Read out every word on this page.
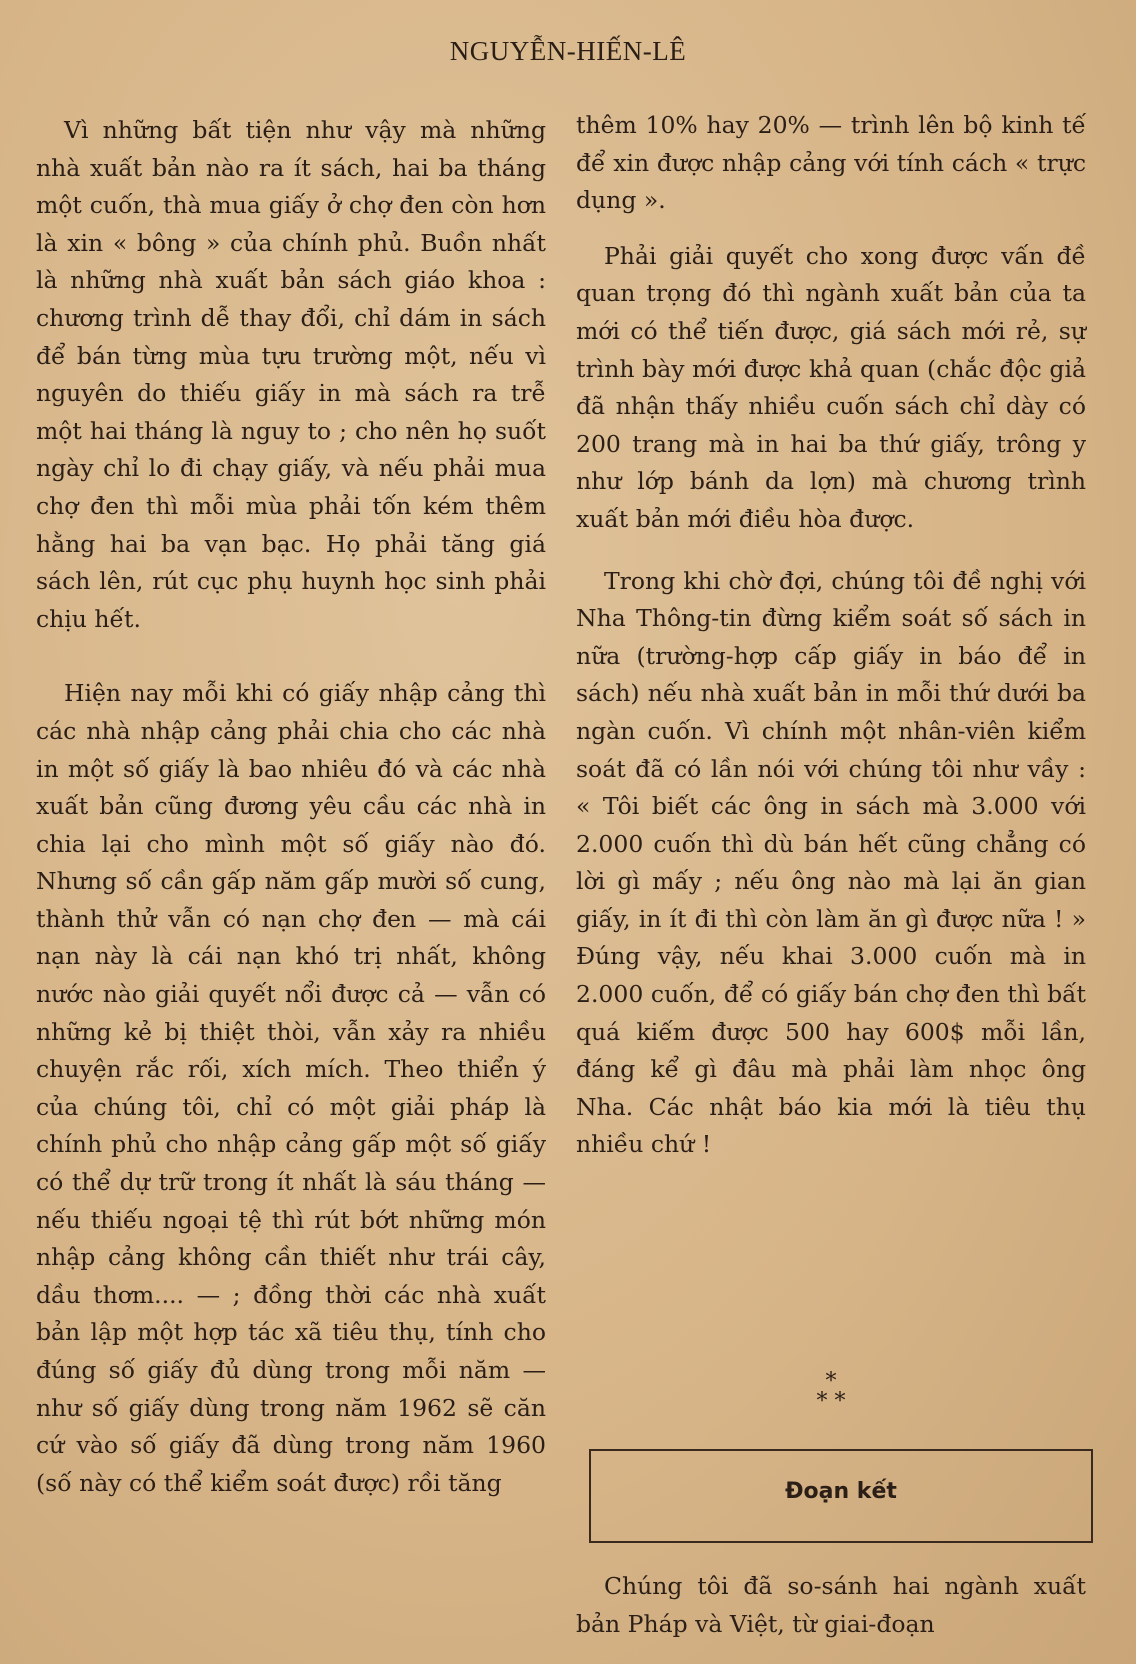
NGUYỄN-HIẾN-LÊ

Vì những bất tiện như vậy mà những nhà xuất bản nào ra ít sách, hai ba tháng một cuốn, thà mua giấy ở chợ đen còn hơn là xin « bông » của chính phủ. Buồn nhất là những nhà xuất bản sách giáo khoa : chương trình dễ thay đổi, chỉ dám in sách để bán từng mùa tựu trường một, nếu vì nguyên do thiếu giấy in mà sách ra trễ một hai tháng là nguy to ; cho nên họ suốt ngày chỉ lo đi chạy giấy, và nếu phải mua chợ đen thì mỗi mùa phải tốn kém thêm hằng hai ba vạn bạc. Họ phải tăng giá sách lên, rút cục phụ huynh học sinh phải chịu hết.

Hiện nay mỗi khi có giấy nhập cảng thì các nhà nhập cảng phải chia cho các nhà in một số giấy là bao nhiêu đó và các nhà xuất bản cũng đương yêu cầu các nhà in chia lại cho mình một số giấy nào đó. Nhưng số cần gấp năm gấp mười số cung, thành thử vẫn có nạn chợ đen — mà cái nạn này là cái nạn khó trị nhất, không nước nào giải quyết nổi được cả — vẫn có những kẻ bị thiệt thòi, vẫn xảy ra nhiều chuyện rắc rối, xích mích. Theo thiển ý của chúng tôi, chỉ có một giải pháp là chính phủ cho nhập cảng gấp một số giấy có thể dự trữ trong ít nhất là sáu tháng — nếu thiếu ngoại tệ thì rút bớt những món nhập cảng không cần thiết như trái cây, dầu thơm.... — ; đồng thời các nhà xuất bản lập một hợp tác xã tiêu thụ, tính cho đúng số giấy đủ dùng trong mỗi năm — như số giấy dùng trong năm 1962 sẽ căn cứ vào số giấy đã dùng trong năm 1960 (số này có thể kiểm soát được) rồi tăng

thêm 10% hay 20% — trình lên bộ kinh tế để xin được nhập cảng với tính cách « trực dụng ».

Phải giải quyết cho xong được vấn đề quan trọng đó thì ngành xuất bản của ta mới có thể tiến được, giá sách mới rẻ, sự trình bày mới được khả quan (chắc độc giả đã nhận thấy nhiều cuốn sách chỉ dày có 200 trang mà in hai ba thứ giấy, trông y như lớp bánh da lợn) mà chương trình xuất bản mới điều hòa được.

Trong khi chờ đợi, chúng tôi đề nghị với Nha Thông-tin đừng kiểm soát số sách in nữa (trường-hợp cấp giấy in báo để in sách) nếu nhà xuất bản in mỗi thứ dưới ba ngàn cuốn. Vì chính một nhân-viên kiểm soát đã có lần nói với chúng tôi như vầy : « Tôi biết các ông in sách mà 3.000 với 2.000 cuốn thì dù bán hết cũng chẳng có lời gì mấy ; nếu ông nào mà lại ăn gian giấy, in ít đi thì còn làm ăn gì được nữa ! » Đúng vậy, nếu khai 3.000 cuốn mà in 2.000 cuốn, để có giấy bán chợ đen thì bất quá kiếm được 500 hay 600$ mỗi lần, đáng kể gì đâu mà phải làm nhọc ông Nha. Các nhật báo kia mới là tiêu thụ nhiều chứ !

*
* *
Đoạn kết

Chúng tôi đã so-sánh hai ngành xuất bản Pháp và Việt, từ giai-đoạn
